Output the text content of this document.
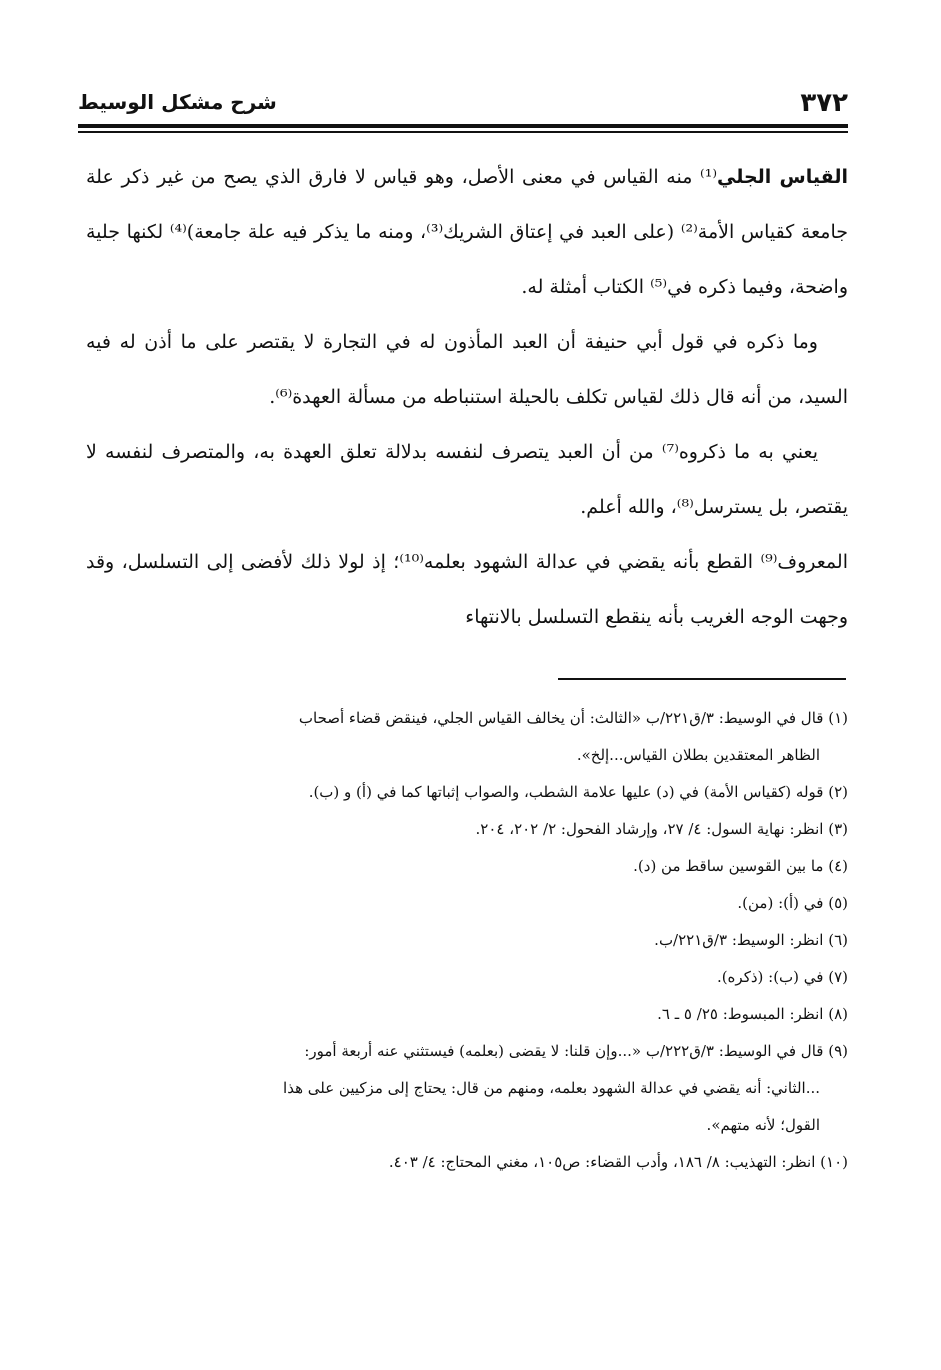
شرح مشكل الوسيط	٣٧٢

القياس الجلي⁽¹⁾ منه القياس في معنى الأصل، وهو قياس لا فارق الذي يصح من غير ذكر علة جامعة كقياس الأمة⁽²⁾ (على العبد في إعتاق الشريك⁽³⁾، ومنه ما يذكر فيه علة جامعة)⁽⁴⁾ لكنها جلية واضحة، وفيما ذكره في⁽⁵⁾ الكتاب أمثلة له.

وما ذكره في قول أبي حنيفة أن العبد المأذون له في التجارة لا يقتصر على ما أذن له فيه السيد، من أنه قال ذلك لقياس تكلف بالحيلة استنباطه من مسألة العهدة⁽⁶⁾.

يعني به ما ذكروه⁽⁷⁾ من أن العبد يتصرف لنفسه بدلالة تعلق العهدة به، والمتصرف لنفسه لا يقتصر، بل يسترسل⁽⁸⁾، والله أعلم.

المعروف⁽⁹⁾ القطع بأنه يقضي في عدالة الشهود بعلمه⁽¹⁰⁾؛ إذ لولا ذلك لأفضى إلى التسلسل، وقد وجهت الوجه الغريب بأنه ينقطع التسلسل بالانتهاء

(١) قال في الوسيط: ٣/ق٢٢١/ب «الثالث: أن يخالف القياس الجلي، فينقض قضاء أصحاب

الظاهر المعتقدين بطلان القياس...إلخ».

(٢) قوله (كقياس الأمة) في (د) عليها علامة الشطب، والصواب إثباتها كما في (أ) و (ب).

(٣) انظر: نهاية السول: ٤/ ٢٧، وإرشاد الفحول: ٢/ ٢٠٢، ٢٠٤.

(٤) ما بين القوسين ساقط من (د).

(٥) في (أ): (من).

(٦) انظر: الوسيط: ٣/ق٢٢١/ب.

(٧) في (ب): (ذكره).

(٨) انظر: المبسوط: ٢٥/ ٥ ـ ٦.

(٩) قال في الوسيط: ٣/ق٢٢٢/ب «...وإن قلنا: لا يقضى (بعلمه) فيستثني عنه أربعة أمور:

...الثاني: أنه يقضي في عدالة الشهود بعلمه، ومنهم من قال: يحتاج إلى مزكيين على هذا

القول؛ لأنه متهم».

(١٠) انظر: التهذيب: ٨/ ١٨٦، وأدب القضاء: ص١٠٥، مغني المحتاج: ٤/ ٤٠٣.
